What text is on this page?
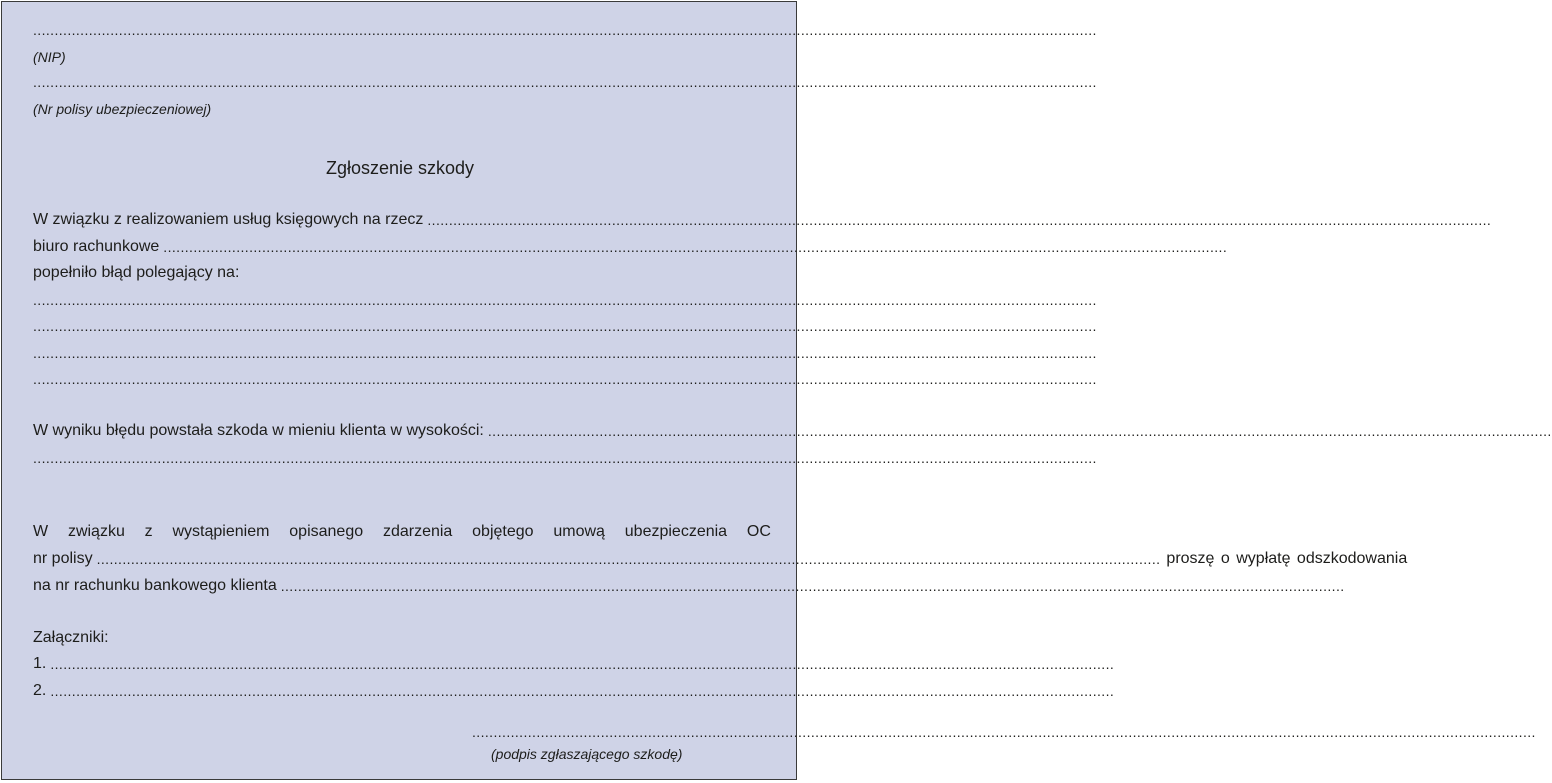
........................................................................................................................................................................................................................................................
(NIP)
........................................................................................................................................................................................................................................................
(Nr polisy ubezpieczeniowej)
Zgłoszenie szkody
W związku z realizowaniem usług księgowych na rzecz ........................................................................................................................................................................................................................................................
biuro rachunkowe ........................................................................................................................................................................................................................................................
popełniło błąd polegający na:
........................................................................................................................................................................................................................................................
........................................................................................................................................................................................................................................................
........................................................................................................................................................................................................................................................
........................................................................................................................................................................................................................................................
W wyniku błędu powstała szkoda w mieniu klienta w wysokości: ........................................................................................................................................................................................................................................................
........................................................................................................................................................................................................................................................
W związku z wystąpieniem opisanego zdarzenia objętego umową ubezpieczenia OC
nr polisy ........................................................................................................................................................................................................................................................ proszę o wypłatę odszkodowania
na nr rachunku bankowego klienta ........................................................................................................................................................................................................................................................
Załączniki:
1. ........................................................................................................................................................................................................................................................
2. ........................................................................................................................................................................................................................................................
........................................................................................................................................................................................................................................................
(podpis zgłaszającego szkodę)
